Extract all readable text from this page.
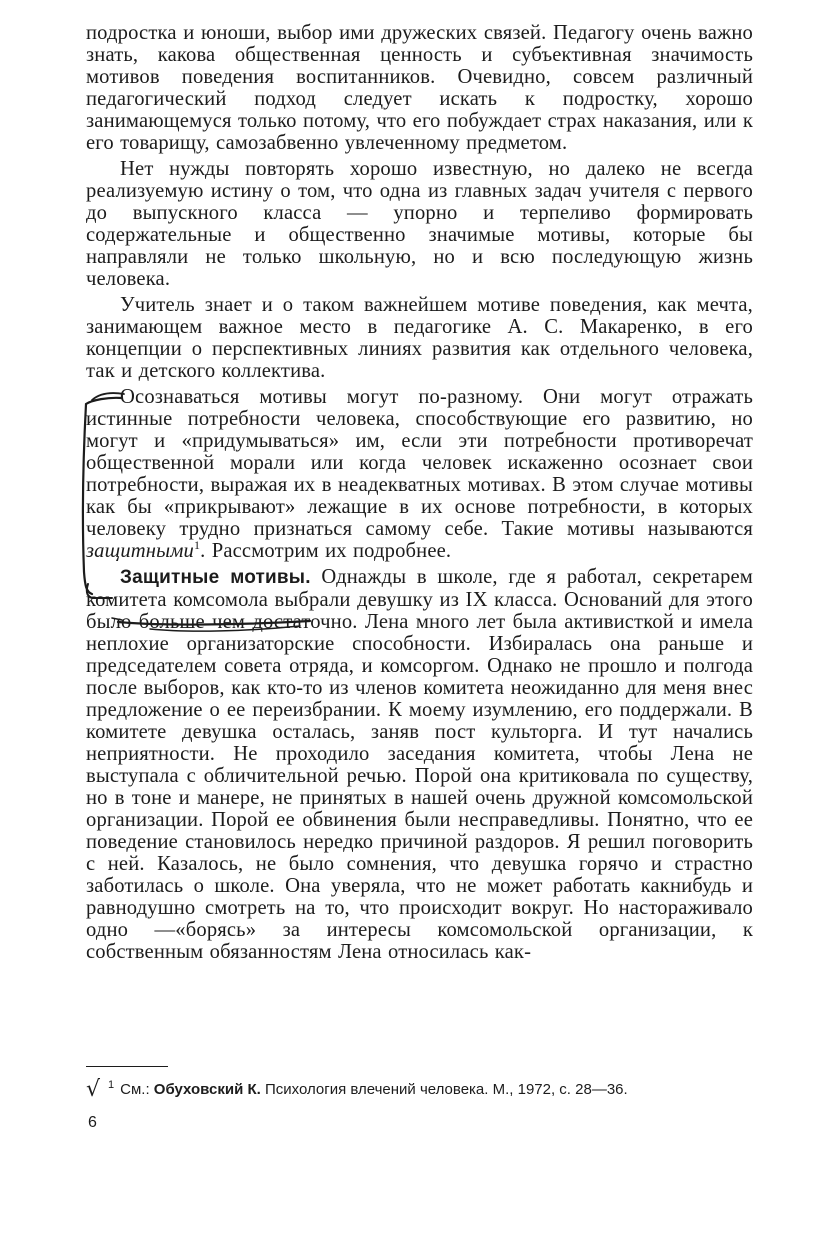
подростка и юноши, выбор ими дружеских связей. Педагогу очень важно знать, какова общественная ценность и субъективная значимость мотивов поведения воспитанников. Очевидно, совсем различный педагогический подход следует искать к подростку, хорошо занимающемуся только потому, что его побуждает страх наказания, или к его товарищу, самозабвенно увлеченному предметом.

Нет нужды повторять хорошо известную, но далеко не всегда реализуемую истину о том, что одна из главных задач учителя с первого до выпускного класса — упорно и терпеливо формировать содержательные и общественно значимые мотивы, которые бы направляли не только школьную, но и всю последующую жизнь человека.

Учитель знает и о таком важнейшем мотиве поведения, как мечта, занимающем важное место в педагогике А. С. Макаренко, в его концепции о перспективных линиях развития как отдельного человека, так и детского коллектива.

Осознаваться мотивы могут по-разному. Они могут отражать истинные потребности человека, способствующие его развитию, но могут и «придумываться» им, если эти потребности противоречат общественной морали или когда человек искаженно осознает свои потребности, выражая их в неадекватных мотивах. В этом случае мотивы как бы «прикрывают» лежащие в их основе потребности, в которых человеку трудно признаться самому себе. Такие мотивы называются защитными$^1$. Рассмотрим их подробнее.

Защитные мотивы. Однажды в школе, где я работал, секретарем комитета комсомола выбрали девушку из IX класса. Оснований для этого было больше чем достаточно. Лена много лет была активисткой и имела неплохие организаторские способности. Избиралась она раньше и председателем совета отряда, и комсоргом. Однако не прошло и полгода после выборов, как кто-то из членов комитета неожиданно для меня внес предложение о ее переизбрании. К моему изумлению, его поддержали. В комитете девушка осталась, заняв пост культорга. И тут начались неприятности. Не проходило заседания комитета, чтобы Лена не выступала с обличительной речью. Порой она критиковала по существу, но в тоне и манере, не принятых в нашей очень дружной комсомольской организации. Порой ее обвинения были несправедливы. Понятно, что ее поведение становилось нередко причиной раздоров. Я решил поговорить с ней. Казалось, не было сомнения, что девушка горячо и страстно заботилась о школе. Она уверяла, что не может работать какнибудь и равнодушно смотреть на то, что происходит вокруг. Но настораживало одно —«борясь» за интересы комсомольской организации, к собственным обязанностям Лена относилась как-

√ $^1$ См.: Обуховский К. Психология влечений человека. М., 1972, с. 28—36.
6
